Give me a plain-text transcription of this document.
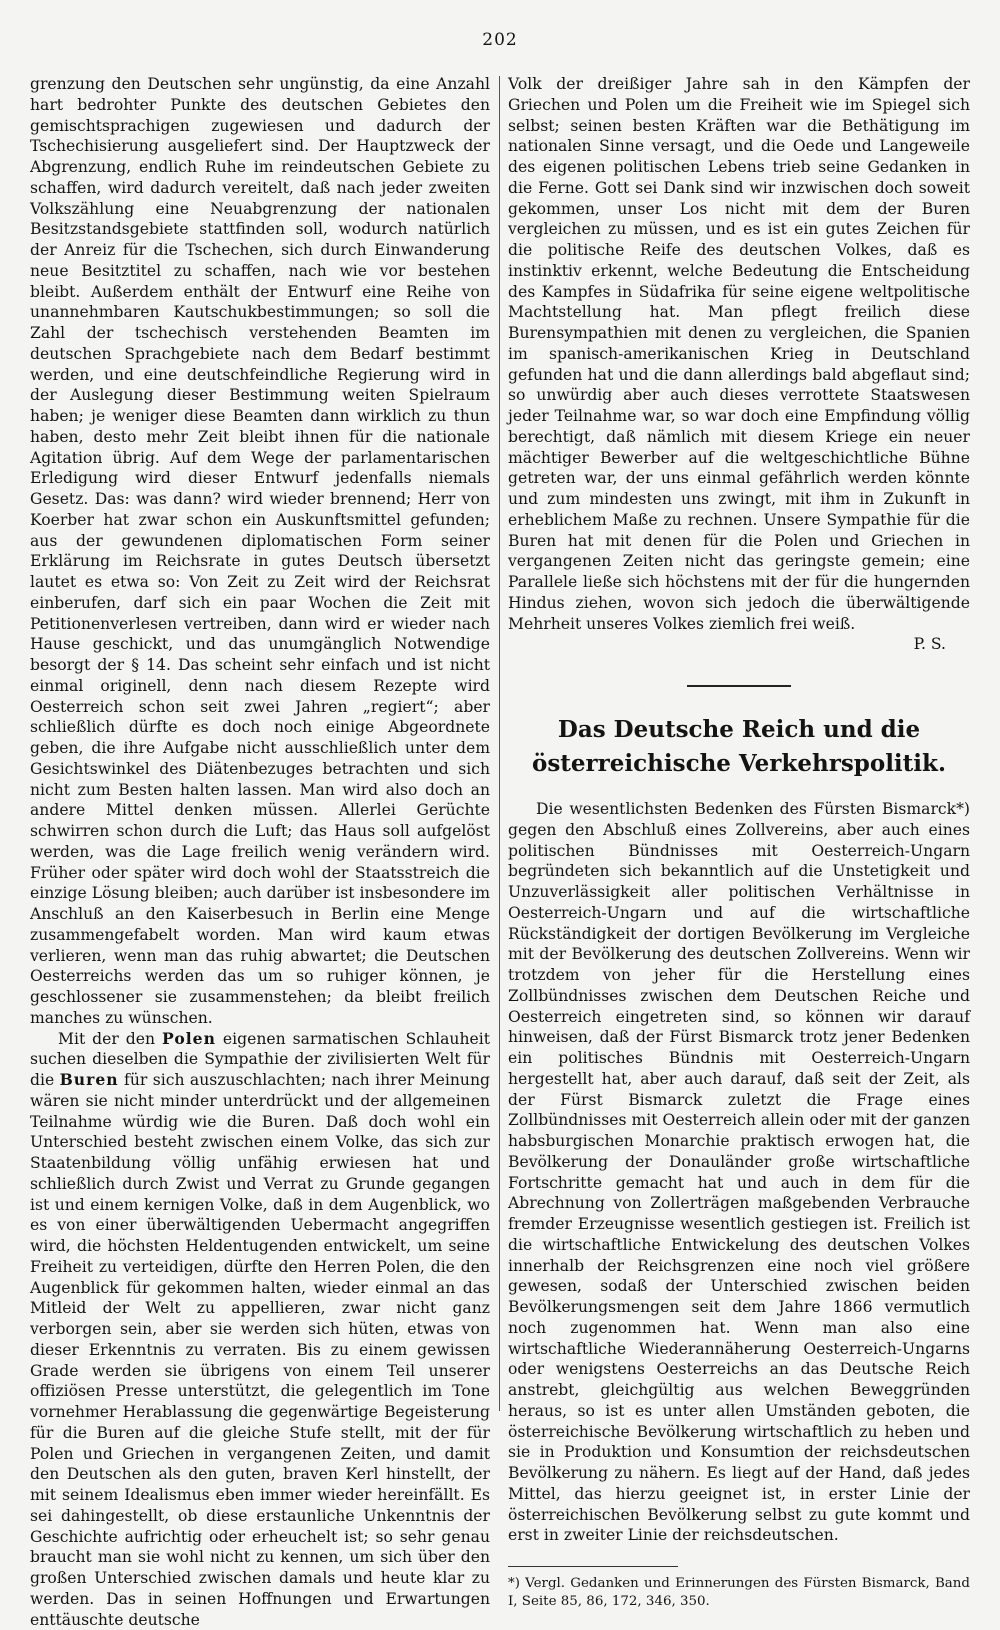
202

grenzung den Deutschen sehr ungünstig, da eine Anzahl hart bedrohter Punkte des deutschen Gebietes den gemischtsprachigen zugewiesen und dadurch der Tschechisierung ausgeliefert sind. Der Hauptzweck der Abgrenzung, endlich Ruhe im reindeutschen Gebiete zu schaffen, wird dadurch vereitelt, daß nach jeder zweiten Volkszählung eine Neuabgrenzung der nationalen Besitzstandsgebiete stattfinden soll, wodurch natürlich der Anreiz für die Tschechen, sich durch Einwanderung neue Besitztitel zu schaffen, nach wie vor bestehen bleibt. Außerdem enthält der Entwurf eine Reihe von unannehmbaren Kautschukbestimmungen; so soll die Zahl der tschechisch verstehenden Beamten im deutschen Sprachgebiete nach dem Bedarf bestimmt werden, und eine deutschfeindliche Regierung wird in der Auslegung dieser Bestimmung weiten Spielraum haben; je weniger diese Beamten dann wirklich zu thun haben, desto mehr Zeit bleibt ihnen für die nationale Agitation übrig. Auf dem Wege der parlamentarischen Erledigung wird dieser Entwurf jedenfalls niemals Gesetz. Das: was dann? wird wieder brennend; Herr von Koerber hat zwar schon ein Auskunftsmittel gefunden; aus der gewundenen diplomatischen Form seiner Erklärung im Reichsrate in gutes Deutsch übersetzt lautet es etwa so: Von Zeit zu Zeit wird der Reichsrat einberufen, darf sich ein paar Wochen die Zeit mit Petitionenverlesen vertreiben, dann wird er wieder nach Hause geschickt, und das unumgänglich Notwendige besorgt der § 14. Das scheint sehr einfach und ist nicht einmal originell, denn nach diesem Rezepte wird Oesterreich schon seit zwei Jahren „regiert“; aber schließlich dürfte es doch noch einige Abgeordnete geben, die ihre Aufgabe nicht ausschließlich unter dem Gesichtswinkel des Diätenbezuges betrachten und sich nicht zum Besten halten lassen. Man wird also doch an andere Mittel denken müssen. Allerlei Gerüchte schwirren schon durch die Luft; das Haus soll aufgelöst werden, was die Lage freilich wenig verändern wird. Früher oder später wird doch wohl der Staatsstreich die einzige Lösung bleiben; auch darüber ist insbesondere im Anschluß an den Kaiserbesuch in Berlin eine Menge zusammengefabelt worden. Man wird kaum etwas verlieren, wenn man das ruhig abwartet; die Deutschen Oesterreichs werden das um so ruhiger können, je geschlossener sie zusammenstehen; da bleibt freilich manches zu wünschen.

Mit der den Polen eigenen sarmatischen Schlauheit suchen dieselben die Sympathie der zivilisierten Welt für die Buren für sich auszuschlachten; nach ihrer Meinung wären sie nicht minder unterdrückt und der allgemeinen Teilnahme würdig wie die Buren. Daß doch wohl ein Unterschied besteht zwischen einem Volke, das sich zur Staatenbildung völlig unfähig erwiesen hat und schließlich durch Zwist und Verrat zu Grunde gegangen ist und einem kernigen Volke, daß in dem Augenblick, wo es von einer überwältigenden Uebermacht angegriffen wird, die höchsten Heldentugenden entwickelt, um seine Freiheit zu verteidigen, dürfte den Herren Polen, die den Augenblick für gekommen halten, wieder einmal an das Mitleid der Welt zu appellieren, zwar nicht ganz verborgen sein, aber sie werden sich hüten, etwas von dieser Erkenntnis zu verraten. Bis zu einem gewissen Grade werden sie übrigens von einem Teil unserer offiziösen Presse unterstützt, die gelegentlich im Tone vornehmer Herablassung die gegenwärtige Begeisterung für die Buren auf die gleiche Stufe stellt, mit der für Polen und Griechen in vergangenen Zeiten, und damit den Deutschen als den guten, braven Kerl hinstellt, der mit seinem Idealismus eben immer wieder hereinfällt. Es sei dahingestellt, ob diese erstaunliche Unkenntnis der Geschichte aufrichtig oder erheuchelt ist; so sehr genau braucht man sie wohl nicht zu kennen, um sich über den großen Unterschied zwischen damals und heute klar zu werden. Das in seinen Hoffnungen und Erwartungen enttäuschte deutsche

Volk der dreißiger Jahre sah in den Kämpfen der Griechen und Polen um die Freiheit wie im Spiegel sich selbst; seinen besten Kräften war die Bethätigung im nationalen Sinne versagt, und die Oede und Langeweile des eigenen politischen Lebens trieb seine Gedanken in die Ferne. Gott sei Dank sind wir inzwischen doch soweit gekommen, unser Los nicht mit dem der Buren vergleichen zu müssen, und es ist ein gutes Zeichen für die politische Reife des deutschen Volkes, daß es instinktiv erkennt, welche Bedeutung die Entscheidung des Kampfes in Südafrika für seine eigene weltpolitische Machtstellung hat. Man pflegt freilich diese Burensympathien mit denen zu vergleichen, die Spanien im spanisch-amerikanischen Krieg in Deutschland gefunden hat und die dann allerdings bald abgeflaut sind; so unwürdig aber auch dieses verrottete Staatswesen jeder Teilnahme war, so war doch eine Empfindung völlig berechtigt, daß nämlich mit diesem Kriege ein neuer mächtiger Bewerber auf die weltgeschichtliche Bühne getreten war, der uns einmal gefährlich werden könnte und zum mindesten uns zwingt, mit ihm in Zukunft in erheblichem Maße zu rechnen. Unsere Sympathie für die Buren hat mit denen für die Polen und Griechen in vergangenen Zeiten nicht das geringste gemein; eine Parallele ließe sich höchstens mit der für die hungernden Hindus ziehen, wovon sich jedoch die überwältigende Mehrheit unseres Volkes ziemlich frei weiß.

P. S.

Das Deutsche Reich und die österreichische Verkehrspolitik.

Die wesentlichsten Bedenken des Fürsten Bismarck*) gegen den Abschluß eines Zollvereins, aber auch eines politischen Bündnisses mit Oesterreich-Ungarn begründeten sich bekanntlich auf die Unstetigkeit und Unzuverlässigkeit aller politischen Verhältnisse in Oesterreich-Ungarn und auf die wirtschaftliche Rückständigkeit der dortigen Bevölkerung im Vergleiche mit der Bevölkerung des deutschen Zollvereins. Wenn wir trotzdem von jeher für die Herstellung eines Zollbündnisses zwischen dem Deutschen Reiche und Oesterreich eingetreten sind, so können wir darauf hinweisen, daß der Fürst Bismarck trotz jener Bedenken ein politisches Bündnis mit Oesterreich-Ungarn hergestellt hat, aber auch darauf, daß seit der Zeit, als der Fürst Bismarck zuletzt die Frage eines Zollbündnisses mit Oesterreich allein oder mit der ganzen habsburgischen Monarchie praktisch erwogen hat, die Bevölkerung der Donauländer große wirtschaftliche Fortschritte gemacht hat und auch in dem für die Abrechnung von Zollerträgen maßgebenden Verbrauche fremder Erzeugnisse wesentlich gestiegen ist. Freilich ist die wirtschaftliche Entwickelung des deutschen Volkes innerhalb der Reichsgrenzen eine noch viel größere gewesen, sodaß der Unterschied zwischen beiden Bevölkerungsmengen seit dem Jahre 1866 vermutlich noch zugenommen hat. Wenn man also eine wirtschaftliche Wiederannäherung Oesterreich-Ungarns oder wenigstens Oesterreichs an das Deutsche Reich anstrebt, gleichgültig aus welchen Beweggründen heraus, so ist es unter allen Umständen geboten, die österreichische Bevölkerung wirtschaftlich zu heben und sie in Produktion und Konsumtion der reichsdeutschen Bevölkerung zu nähern. Es liegt auf der Hand, daß jedes Mittel, das hierzu geeignet ist, in erster Linie der österreichischen Bevölkerung selbst zu gute kommt und erst in zweiter Linie der reichsdeutschen.

*) Vergl. Gedanken und Erinnerungen des Fürsten Bismarck, Band I, Seite 85, 86, 172, 346, 350.
